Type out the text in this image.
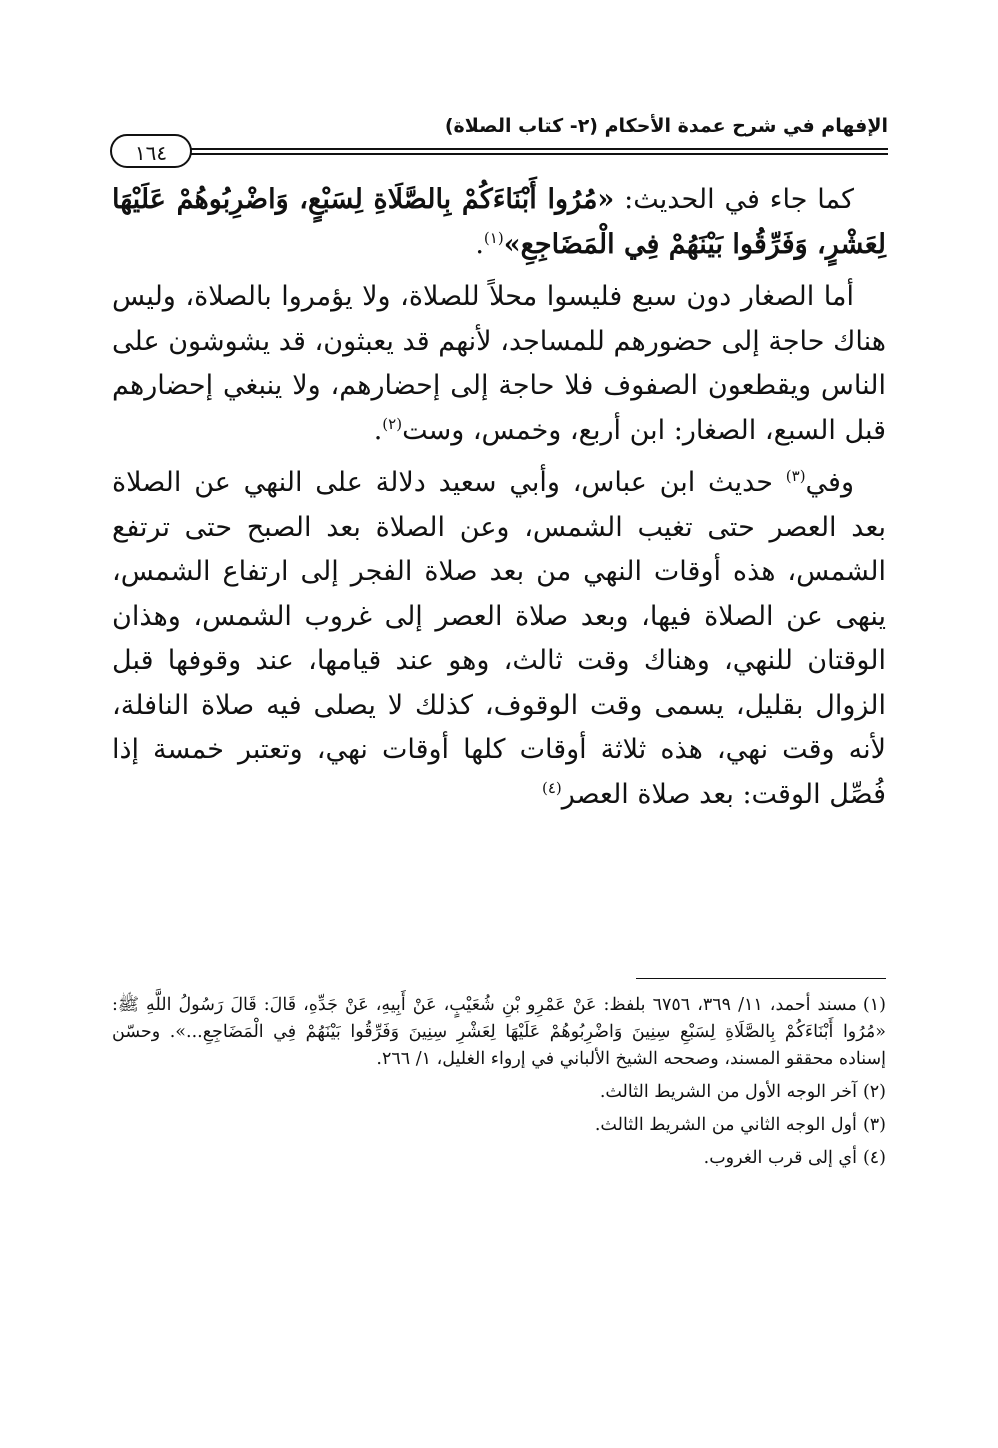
الإفهام في شرح عمدة الأحكام (٢- كتاب الصلاة)
١٦٤

كما جاء في الحديث: «مُرُوا أَبْنَاءَكُمْ بِالصَّلَاةِ لِسَبْعٍ، وَاضْرِبُوهُمْ عَلَيْهَا لِعَشْرٍ، وَفَرِّقُوا بَيْنَهُمْ فِي الْمَضَاجِعِ»$^{(١)}$.

أما الصغار دون سبع فليسوا محلاً للصلاة، ولا يؤمروا بالصلاة، وليس هناك حاجة إلى حضورهم للمساجد، لأنهم قد يعبثون، قد يشوشون على الناس ويقطعون الصفوف فلا حاجة إلى إحضارهم، ولا ينبغي إحضارهم قبل السبع، الصغار: ابن أربع، وخمس، وست$^{(٢)}$.

وفي$^{(٣)}$ حديث ابن عباس، وأبي سعيد دلالة على النهي عن الصلاة بعد العصر حتى تغيب الشمس، وعن الصلاة بعد الصبح حتى ترتفع الشمس، هذه أوقات النهي من بعد صلاة الفجر إلى ارتفاع الشمس، ينهى عن الصلاة فيها، وبعد صلاة العصر إلى غروب الشمس، وهذان الوقتان للنهي، وهناك وقت ثالث، وهو عند قيامها، عند وقوفها قبل الزوال بقليل، يسمى وقت الوقوف، كذلك لا يصلى فيه صلاة النافلة، لأنه وقت نهي، هذه ثلاثة أوقات كلها أوقات نهي، وتعتبر خمسة إذا فُصِّل الوقت: بعد صلاة العصر$^{(٤)}$

(١)مسند أحمد، ١١/ ٣٦٩، ٦٧٥٦ بلفظ: عَنْ عَمْرِو بْنِ شُعَيْبٍ، عَنْ أَبِيهِ، عَنْ جَدِّهِ، قَالَ: قَالَ رَسُولُ اللَّهِ ﷺ: «مُرُوا أَبْنَاءَكُمْ بِالصَّلَاةِ لِسَبْعِ سِنِينَ وَاضْرِبُوهُمْ عَلَيْهَا لِعَشْرِ سِنِينَ وَفَرِّقُوا بَيْنَهُمْ فِي الْمَضَاجِعِ...». وحسّن إسناده محققو المسند، وصححه الشيخ الألباني في إرواء الغليل، ١/ ٢٦٦.

(٢)آخر الوجه الأول من الشريط الثالث.

(٣)أول الوجه الثاني من الشريط الثالث.

(٤)أي إلى قرب الغروب.
